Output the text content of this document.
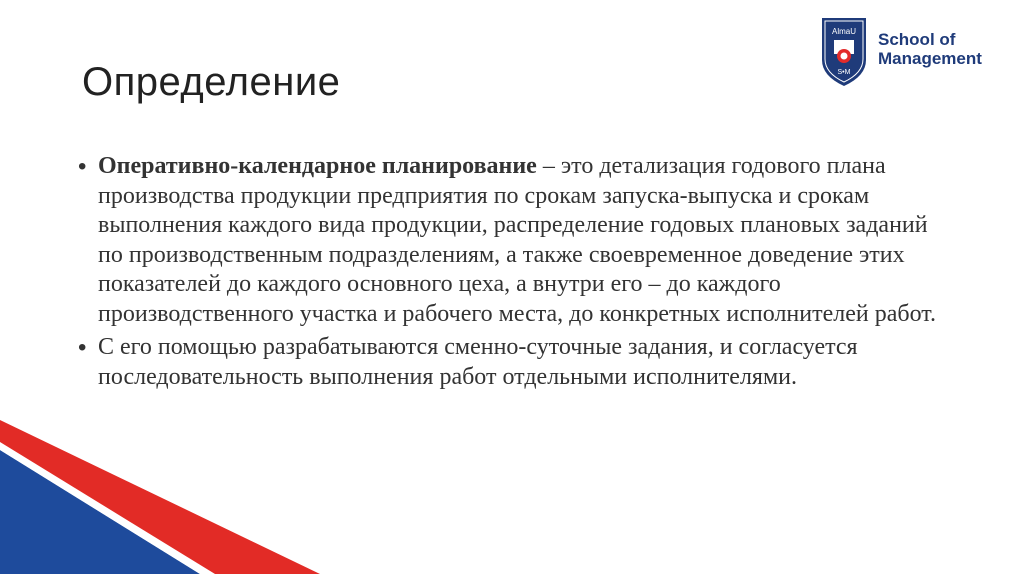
Определение
AlmaU
S•M
School of
Management
• Оперативно-календарное планирование – это детализация годового плана производства продукции предприятия по срокам запуска-выпуска и срокам выполнения каждого вида продукции, распределение годовых плановых заданий по производственным подразделениям, а также своевременное доведение этих показателей до каждого основного цеха, а внутри его – до каждого производственного участка и рабочего места, до конкретных исполнителей работ.
• С его помощью разрабатываются сменно-суточные задания, и согласуется последовательность выполнения работ отдельными исполнителями.
